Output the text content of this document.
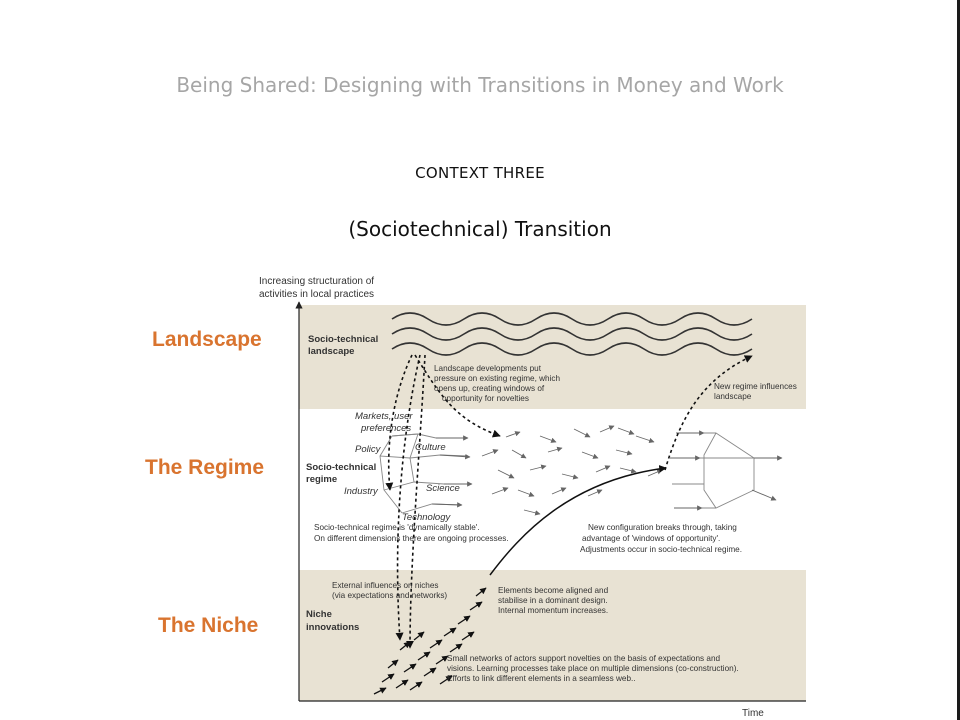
Being Shared: Designing with Transitions in Money and Work
CONTEXT THREE
(Sociotechnical) Transition
Landscape
The Regime
The Niche
Increasing structuration of
activities in local practices
Time
Socio-technical
landscape
Socio-technical
regime
Niche
innovations
Landscape developments put pressure on existing regime, which opens up, creating windows of opportunity for novelties
New regime influences landscape
Markets, user
preferences
Policy	Culture
Industry	Science
Technology
Socio-technical regime is 'dynamically stable'. On different dimensions there are ongoing processes.
New configuration breaks through, taking advantage of 'windows of opportunity'. Adjustments occur in socio-technical regime.
External influences on niches (via expectations and networks)
Elements become aligned and stabilise in a dominant design. Internal momentum increases.
Small networks of actors support novelties on the basis of expectations and visions. Learning processes take place on multiple dimensions (co-construction). Efforts to link different elements in a seamless web..
